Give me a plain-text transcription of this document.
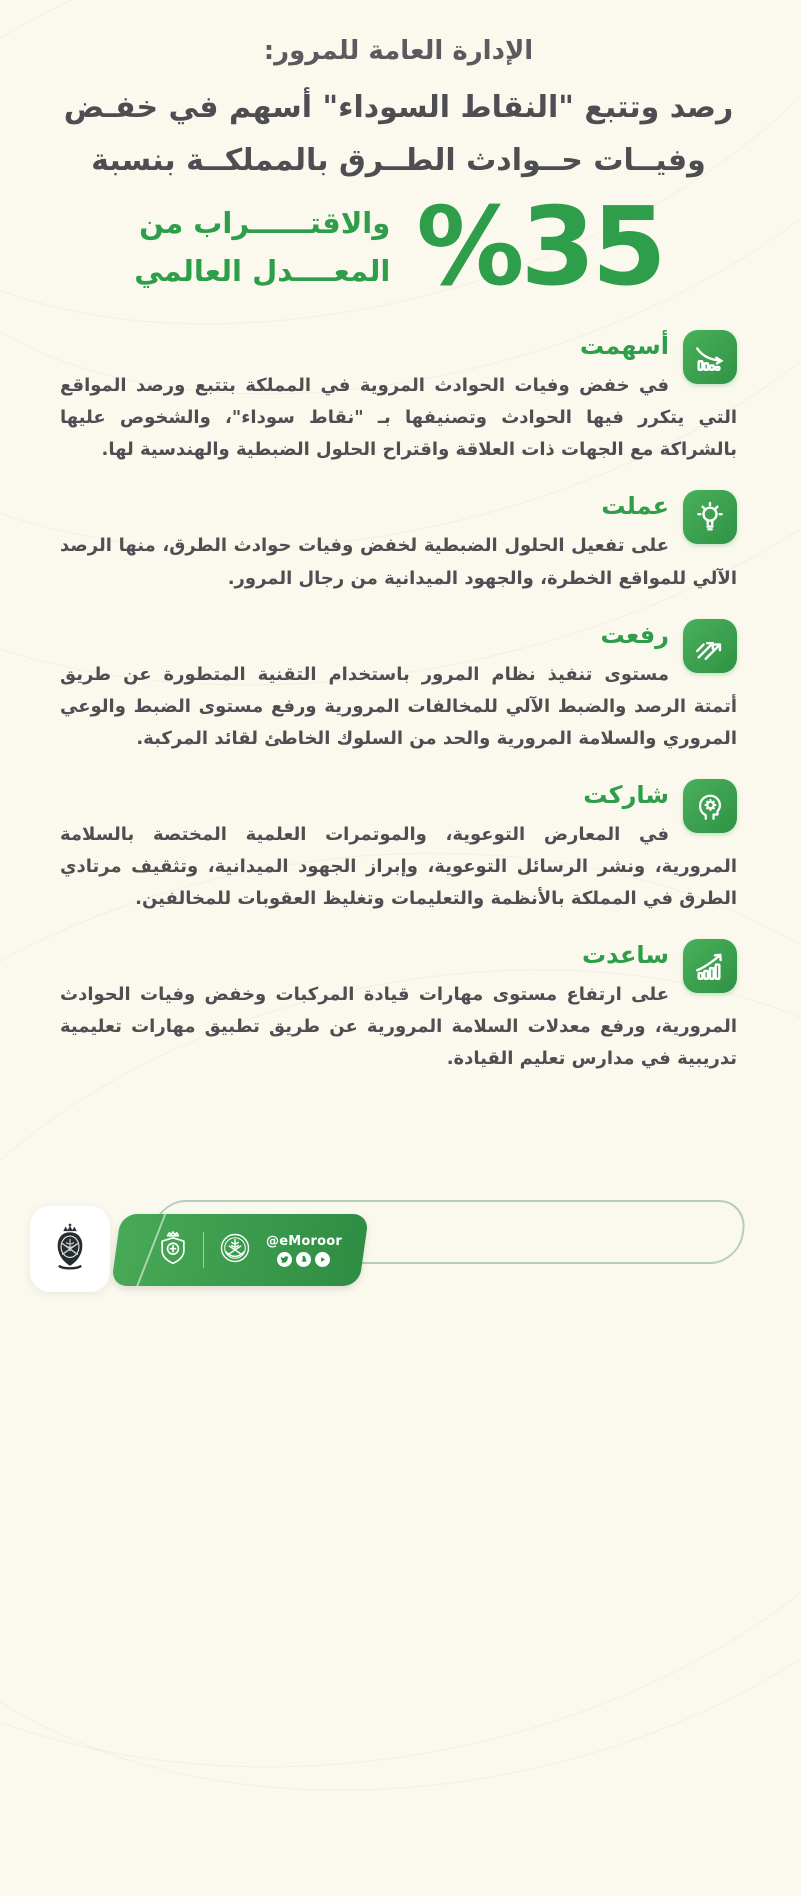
الإدارة العامة للمرور:
رصد وتتبع "النقاط السوداء" أسهم في خفـض
وفيــات حــوادث الطــرق بالمملكــة بنسبة
%35
والاقتــــــراب من
المعــــدل العالمي
أسهمت

في خفض وفيات الحوادث المروية في المملكة بتتبع ورصد المواقع التي يتكرر فيها الحوادث وتصنيفها بـ "نقاط سوداء"، والشخوص عليها بالشراكة مع الجهات ذات العلاقة واقتراح الحلول الضبطية والهندسية لها.

عملت

على تفعيل الحلول الضبطية لخفض وفيات حوادث الطرق، منها الرصد الآلي للمواقع الخطرة، والجهود الميدانية من رجال المرور.

رفعت

مستوى تنفيذ نظام المرور باستخدام التقنية المتطورة عن طريق أتمتة الرصد والضبط الآلي للمخالفات المرورية ورفع مستوى الضبط والوعي المروري والسلامة المرورية والحد من السلوك الخاطئ لقائد المركبة.

شاركت

في المعارض التوعوية، والموتمرات العلمية المختصة بالسلامة المرورية، ونشر الرسائل التوعوية، وإبراز الجهود الميدانية، وتثقيف مرتادي الطرق في المملكة بالأنظمة والتعليمات وتغليظ العقوبات للمخالفين.

ساعدت

على ارتفاع مستوى مهارات قيادة المركبات وخفض وفيات الحوادث المرورية، ورفع معدلات السلامة المرورية عن طريق تطبيق مهارات تعليمية تدريبية في مدارس تعليم القيادة.

@eMoroor
